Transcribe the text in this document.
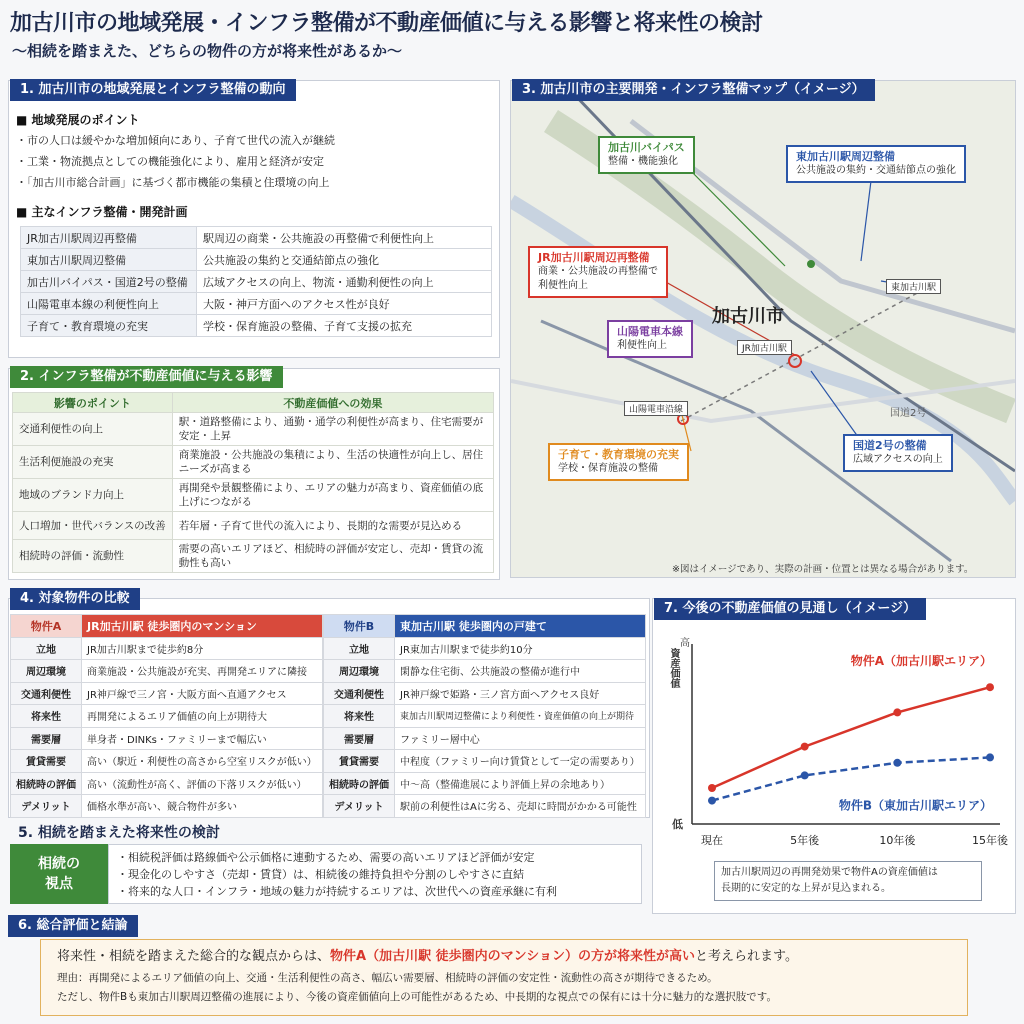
加古川市の地域発展・インフラ整備が不動産価値に与える影響と将来性の検討
～相続を踏まえた、どちらの物件の方が将来性があるか～
1. 加古川市の地域発展とインフラ整備の動向
■ 地域発展のポイント
・市の人口は緩やかな増加傾向にあり、子育て世代の流入が継続
・工業・物流拠点としての機能強化により、雇用と経済が安定
・「加古川市総合計画」に基づく都市機能の集積と住環境の向上
■ 主なインフラ整備・開発計画
JR加古川駅周辺再整備	駅周辺の商業・公共施設の再整備で利便性向上
東加古川駅周辺整備	公共施設の集約と交通結節点の強化
加古川バイパス・国道2号の整備	広域アクセスの向上、物流・通勤利便性の向上
山陽電車本線の利便性向上	大阪・神戸方面へのアクセス性が良好
子育て・教育環境の充実	学校・保育施設の整備、子育て支援の拡充
2. インフラ整備が不動産価値に与える影響
影響のポイント	不動産価値への効果
交通利便性の向上	駅・道路整備により、通勤・通学の利便性が高まり、住宅需要が安定・上昇
生活利便施設の充実	商業施設・公共施設の集積により、生活の快適性が向上し、居住ニーズが高まる
地域のブランド力向上	再開発や景観整備により、エリアの魅力が高まり、資産価値の底上げにつながる
人口増加・世代バランスの改善	若年層・子育て世代の流入により、長期的な需要が見込める
相続時の評価・流動性	需要の高いエリアほど、相続時の評価が安定し、売却・賃貸の流動性も高い
3. 加古川市の主要開発・インフラ整備マップ（イメージ）
加古川市
加古川バイパス
整備・機能強化	東加古川駅周辺整備
公共施設の集約・交通結節点の強化
JR加古川駅周辺再整備
商業・公共施設の再整備で
利便性向上
山陽電車本線
利便性向上
子育て・教育環境の充実
学校・保育施設の整備
国道2号の整備
広域アクセスの向上
東加古川駅
JR加古川駅
山陽電車沿線	国道2号
※図はイメージであり、実際の計画・位置とは異なる場合があります。
4. 対象物件の比較
物件A	JR加古川駅 徒歩圏内のマンション
立地	JR加古川駅まで徒歩約8分
周辺環境	商業施設・公共施設が充実、再開発エリアに隣接
交通利便性	JR神戸線で三ノ宮・大阪方面へ直通アクセス
将来性	再開発によるエリア価値の向上が期待大
需要層	単身者・DINKs・ファミリーまで幅広い
賃貸需要	高い（駅近・利便性の高さから空室リスクが低い）
相続時の評価	高い（流動性が高く、評価の下落リスクが低い）
デメリット	価格水準が高い、競合物件が多い
物件B	東加古川駅 徒歩圏内の戸建て
立地	JR東加古川駅まで徒歩約10分
周辺環境	閑静な住宅街、公共施設の整備が進行中
交通利便性	JR神戸線で姫路・三ノ宮方面へアクセス良好
将来性	東加古川駅周辺整備により利便性・資産価値の向上が期待
需要層	ファミリー層中心
賃貸需要	中程度（ファミリー向け賃貸として一定の需要あり）
相続時の評価	中〜高（整備進展により評価上昇の余地あり）
デメリット	駅前の利便性はAに劣る、売却に時間がかかる可能性
5. 相続を踏まえた将来性の検討
相続の
視点
・相続税評価は路線価や公示価格に連動するため、需要の高いエリアほど評価が安定
・現金化のしやすさ（売却・賃貸）は、相続後の維持負担や分割のしやすさに直結
・将来的な人口・インフラ・地域の魅力が持続するエリアは、次世代への資産承継に有利
7. 今後の不動産価値の見通し（イメージ）
現在	5年後	10年後	15年後
物件A（加古川駅エリア）
物件B（東加古川駅エリア）
資産価値
高
低
加古川駅周辺の再開発効果で物件Aの資産価値は
長期的に安定的な上昇が見込まれる。
6. 総合評価と結論
将来性・相続を踏まえた総合的な観点からは、物件A（加古川駅 徒歩圏内のマンション）の方が将来性が高いと考えられます。
理由：再開発によるエリア価値の向上、交通・生活利便性の高さ、幅広い需要層、相続時の評価の安定性・流動性の高さが期待できるため。
ただし、物件Bも東加古川駅周辺整備の進展により、今後の資産価値向上の可能性があるため、中長期的な視点での保有には十分に魅力的な選択肢です。
